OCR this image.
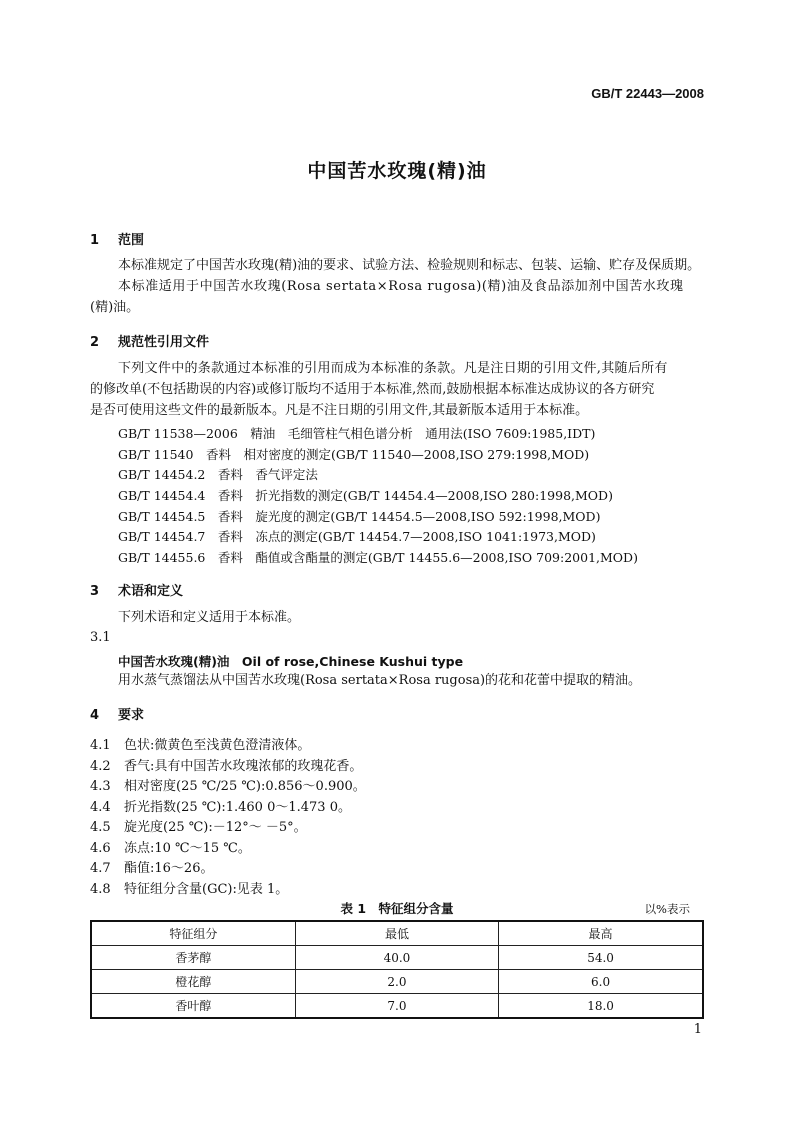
GB/T 22443—2008
中国苦水玫瑰(精)油
1 范围
本标准规定了中国苦水玫瑰(精)油的要求、试验方法、检验规则和标志、包装、运输、贮存及保质期。
本标准适用于中国苦水玫瑰(Rosa sertata×Rosa rugosa)(精)油及食品添加剂中国苦水玫瑰
(精)油。
2 规范性引用文件
下列文件中的条款通过本标准的引用而成为本标准的条款。凡是注日期的引用文件,其随后所有
的修改单(不包括勘误的内容)或修订版均不适用于本标准,然而,鼓励根据本标准达成协议的各方研究
是否可使用这些文件的最新版本。凡是不注日期的引用文件,其最新版本适用于本标准。
GB/T 11538—2006　精油　毛细管柱气相色谱分析　通用法(ISO 7609:1985,IDT)
GB/T 11540　香料　相对密度的测定(GB/T 11540—2008,ISO 279:1998,MOD)
GB/T 14454.2　香料　香气评定法
GB/T 14454.4　香料　折光指数的测定(GB/T 14454.4—2008,ISO 280:1998,MOD)
GB/T 14454.5　香料　旋光度的测定(GB/T 14454.5—2008,ISO 592:1998,MOD)
GB/T 14454.7　香料　冻点的测定(GB/T 14454.7—2008,ISO 1041:1973,MOD)
GB/T 14455.6　香料　酯值或含酯量的测定(GB/T 14455.6—2008,ISO 709:2001,MOD)
3 术语和定义
下列术语和定义适用于本标准。
3.1
中国苦水玫瑰(精)油　Oil of rose,Chinese Kushui type
用水蒸气蒸馏法从中国苦水玫瑰(Rosa sertata×Rosa rugosa)的花和花蕾中提取的精油。
4 要求
4.1 色状:微黄色至浅黄色澄清液体。
4.2 香气:具有中国苦水玫瑰浓郁的玫瑰花香。
4.3 相对密度(25 ℃/25 ℃):0.856～0.900。
4.4 折光指数(25 ℃):1.460 0～1.473 0。
4.5 旋光度(25 ℃):－12°～ －5°。
4.6 冻点:10 ℃～15 ℃。
4.7 酯值:16～26。
4.8 特征组分含量(GC):见表 1。
表 1　特征组分含量	以%表示
特征组分	最低	最高
香茅醇	40.0	54.0
橙花醇	2.0	6.0
香叶醇	7.0	18.0
1
